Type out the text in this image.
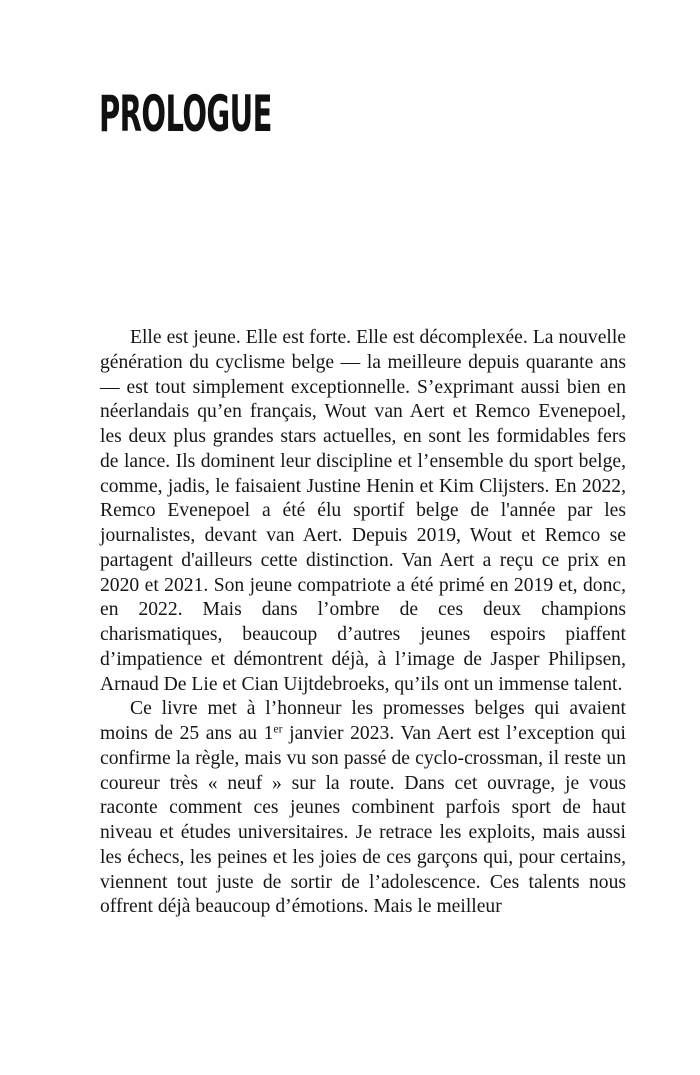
PROLOGUE

Elle est jeune. Elle est forte. Elle est décomplexée. La nouvelle génération du cyclisme belge — la meilleure depuis quarante ans — est tout simplement exceptionnelle. S’exprimant aussi bien en néerlandais qu’en français, Wout van Aert et Remco Evenepoel, les deux plus grandes stars actuelles, en sont les formidables fers de lance. Ils dominent leur discipline et l’ensemble du sport belge, comme, jadis, le faisaient Justine Henin et Kim Clijsters. En 2022, Remco Evenepoel a été élu sportif belge de l'année par les journalistes, devant van Aert. Depuis 2019, Wout et Remco se partagent d'ailleurs cette distinction. Van Aert a reçu ce prix en 2020 et 2021. Son jeune compatriote a été primé en 2019 et, donc, en 2022. Mais dans l’ombre de ces deux champions charismatiques, beaucoup d’autres jeunes espoirs piaffent d’impatience et démontrent déjà, à l’image de Jasper Philipsen, Arnaud De Lie et Cian Uijtdebroeks, qu’ils ont un immense talent.

Ce livre met à l’honneur les promesses belges qui avaient moins de 25 ans au 1er janvier 2023. Van Aert est l’exception qui confirme la règle, mais vu son passé de cyclo-crossman, il reste un coureur très « neuf » sur la route. Dans cet ouvrage, je vous raconte comment ces jeunes combinent parfois sport de haut niveau et études universitaires. Je retrace les exploits, mais aussi les échecs, les peines et les joies de ces garçons qui, pour certains, viennent tout juste de sortir de l’adolescence. Ces talents nous offrent déjà beaucoup d’émotions. Mais le meilleur
